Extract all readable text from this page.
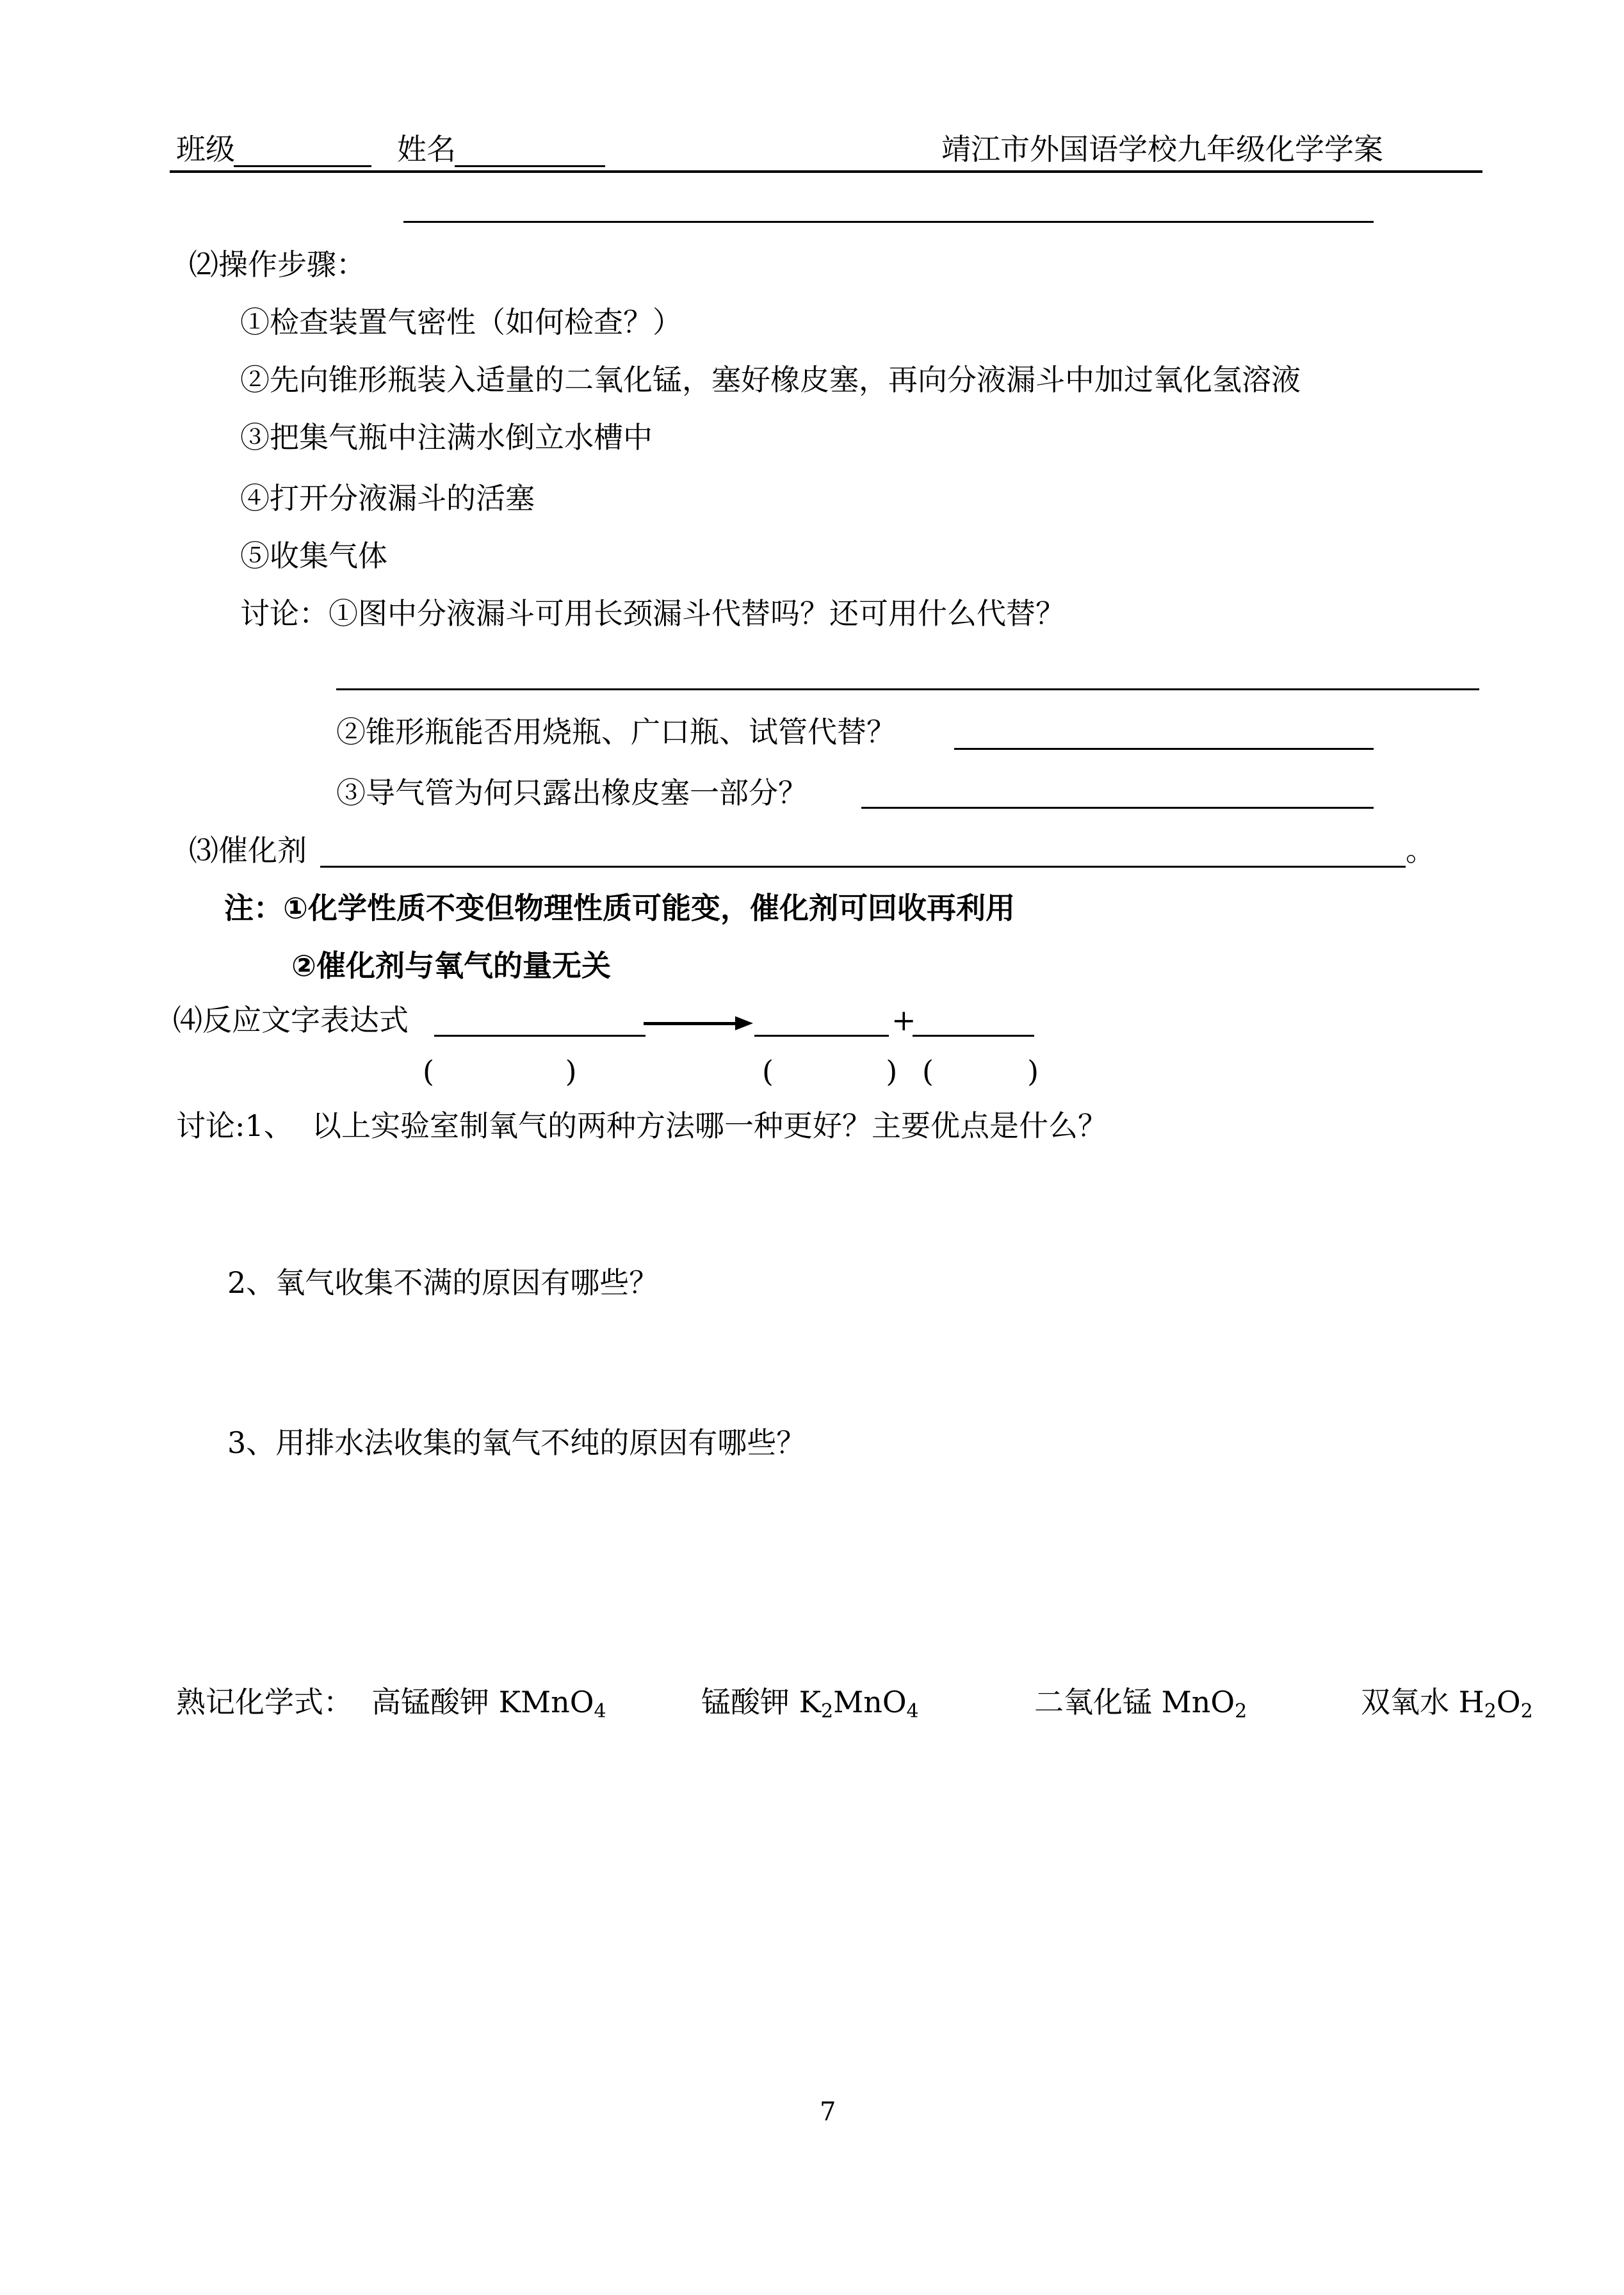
班级	姓名	靖江市外国语学校九年级化学学案
⑵操作步骤：
①检查装置气密性（如何检查？）
②先向锥形瓶装入适量的二氧化锰，塞好橡皮塞，再向分液漏斗中加过氧化氢溶液
③把集气瓶中注满水倒立水槽中
④打开分液漏斗的活塞
⑤收集气体
讨论：①图中分液漏斗可用长颈漏斗代替吗？还可用什么代替？
②锥形瓶能否用烧瓶、广口瓶、试管代替？
③导气管为何只露出橡皮塞一部分？
⑶催化剂	。
注：①化学性质不变但物理性质可能变，催化剂可回收再利用
②催化剂与氧气的量无关
⑷反应文字表达式	+
(              )	(            ) (          )
讨论:1、  以上实验室制氧气的两种方法哪一种更好？主要优点是什么？
2、氧气收集不满的原因有哪些？
3、用排水法收集的氧气不纯的原因有哪些？
熟记化学式： 高锰酸钾 KMnO$_4$	锰酸钾 $K_2MnO_4$	二氧化锰 MnO$_2$	双氧水 $H_2O_2$
7
